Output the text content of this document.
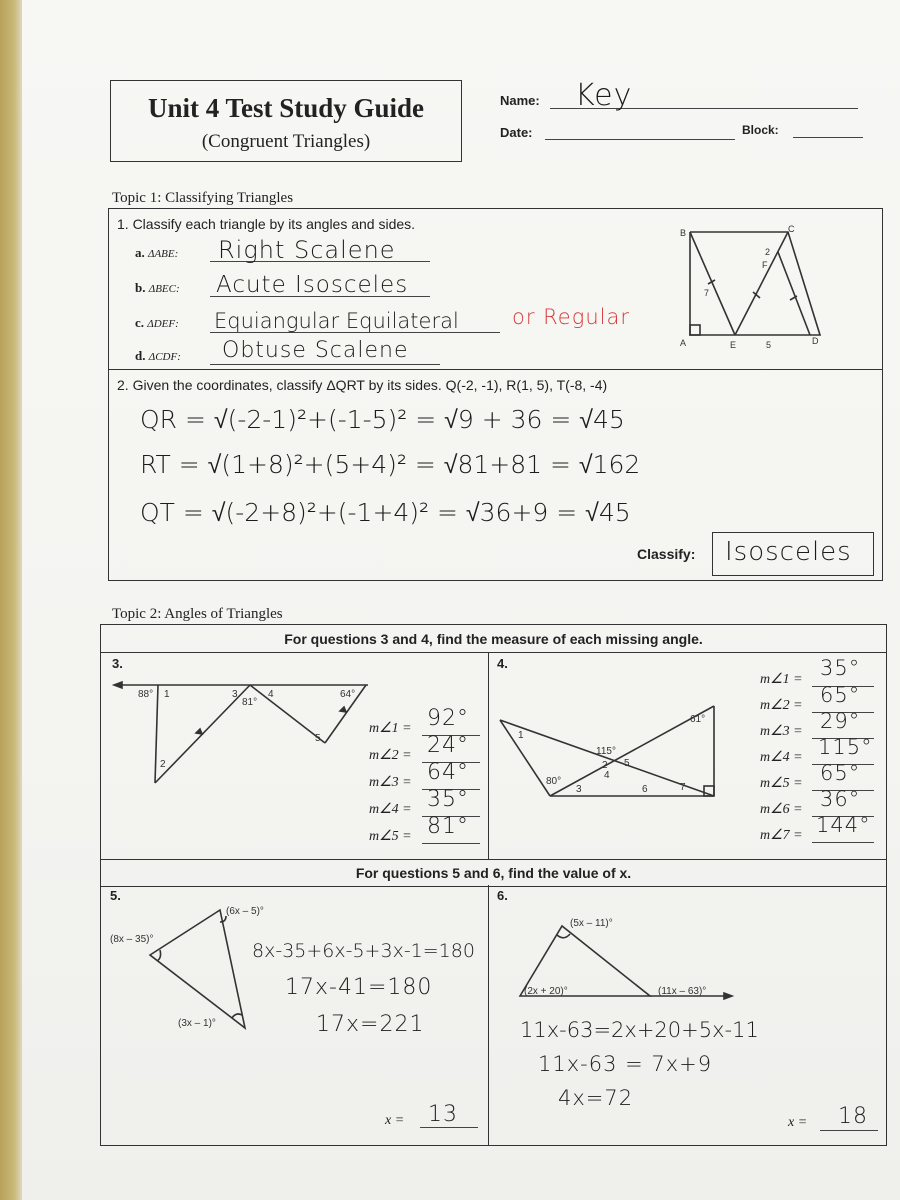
Unit 4 Test Study Guide
(Congruent Triangles)
Name: Key
Date:	Block:
Topic 1: Classifying Triangles
1. Classify each triangle by its angles and sides.
a. ΔABE: Right Scalene
b. ΔBEC: Acute Isosceles
c. ΔDEF: Equiangular Equilateral	or Regular
d. ΔCDF: Obtuse Scalene
B	C
A	E	D
F
7
5
2
2. Given the coordinates, classify ΔQRT by its sides. Q(-2, -1), R(1, 5), T(-8, -4)
QR = √(-2-1)²+(-1-5)² = √9 + 36 = √45
RT = √(1+8)²+(5+4)² = √81+81 = √162
QT = √(-2+8)²+(-1+4)² = √36+9 = √45
Classify: Isosceles
Topic 2: Angles of Triangles
For questions 3 and 4, find the measure of each missing angle.
3.
88° 1
2
3
81°
4	64°
5
m∠1 = 92°
m∠2 = 24°
m∠3 = 64°
m∠4 = 35°
m∠5 = 81°
4.
1
80°
3
4
2
115°
5
6	7
61°
m∠1 = 35°
m∠2 = 65°
m∠3 = 29°
m∠4 = 115°
m∠5 = 65°
m∠6 = 36°
m∠7 = 144°
For questions 5 and 6, find the value of x.
5.
(6x – 5)°
(8x – 35)°
(3x – 1)°
8x-35+6x-5+3x-1=180
17x-41=180
17x=221
x = 13
6.
(5x – 11)°
(2x + 20)°	(11x – 63)°
11x-63=2x+20+5x-11
11x-63 = 7x+9
4x=72
x = 18
